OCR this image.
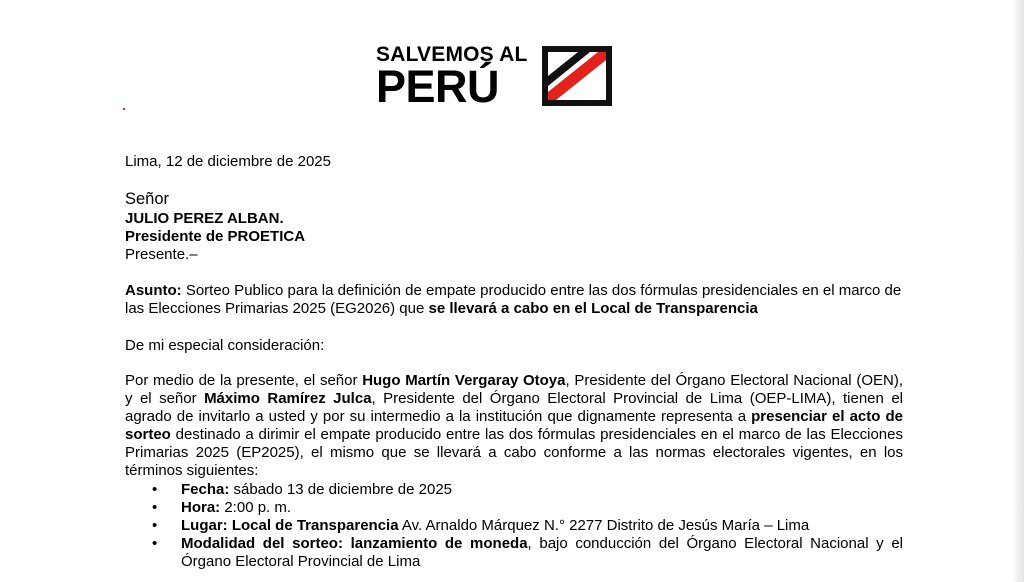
SALVEMOS AL
PERÚ

Lima, 12 de diciembre de 2025

Señor

JULIO PEREZ ALBAN.

Presidente de PROETICA

Presente.–

Asunto: Sorteo Publico para la definición de empate producido entre las dos fórmulas presidenciales en el marco de las Elecciones Primarias 2025 (EG2026) que se llevará a cabo en el Local de Transparencia

De mi especial consideración:

Por medio de la presente, el señor Hugo Martín Vergaray Otoya, Presidente del Órgano Electoral Nacional (OEN), y el señor Máximo Ramírez Julca, Presidente del Órgano Electoral Provincial de Lima (OEP-LIMA), tienen el agrado de invitarlo a usted y por su intermedio a la institución que dignamente representa a presenciar el acto de sorteo destinado a dirimir el empate producido entre las dos fórmulas presidenciales en el marco de las Elecciones Primarias 2025 (EP2025), el mismo que se llevará a cabo conforme a las normas electorales vigentes, en los términos siguientes:

• Fecha: sábado 13 de diciembre de 2025
• Hora: 2:00 p. m.
• Lugar: Local de Transparencia Av. Arnaldo Márquez N.° 2277 Distrito de Jesús María – Lima
• Modalidad del sorteo: lanzamiento de moneda, bajo conducción del Órgano Electoral Nacional y el Órgano Electoral Provincial de Lima
